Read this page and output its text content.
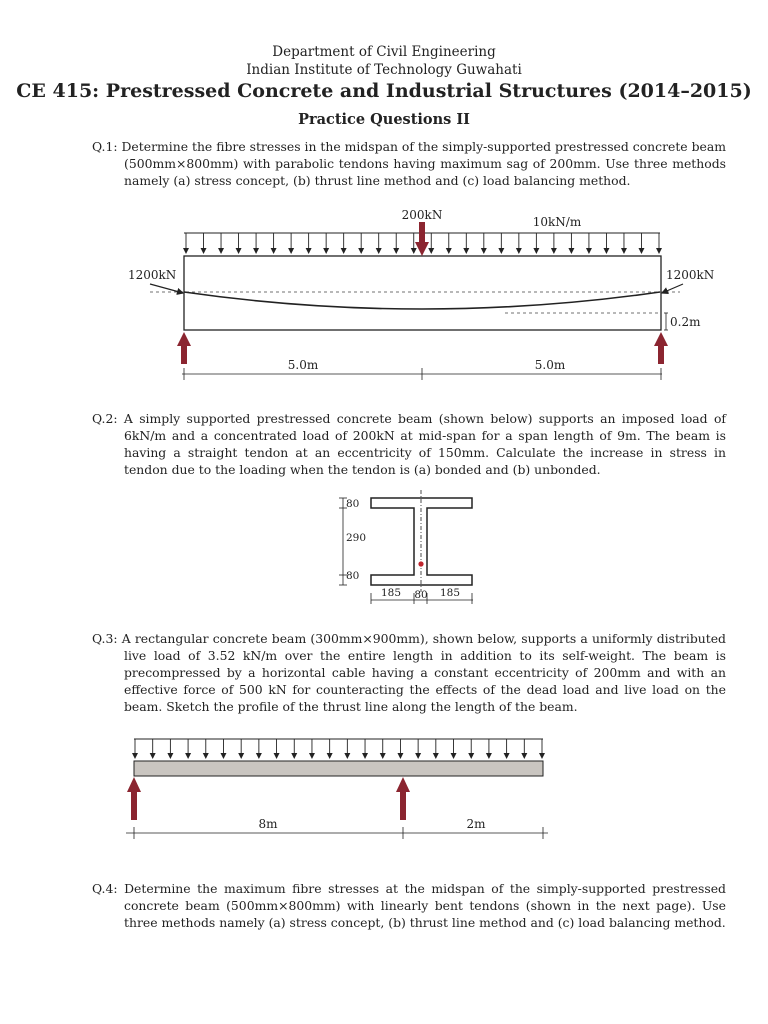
Department of Civil Engineering
Indian Institute of Technology Guwahati
CE 415: Prestressed Concrete and Industrial Structures (2014–2015)
Practice Questions II
Q.1: Determine the fibre stresses in the midspan of the simply-supported prestressed concrete beam (500mm×800mm) with parabolic tendons having maximum sag of 200mm. Use three methods namely (a) stress concept, (b) thrust line method and (c) load balancing method.
200kN	10kN/m
1200kN	1200kN
0.2m
5.0m	5.0m
Q.2: A simply supported prestressed concrete beam (shown below) supports an imposed load of 6kN/m and a concentrated load of 200kN at mid-span for a span length of 9m. The beam is having a straight tendon at an eccentricity of 150mm. Calculate the increase in stress in tendon due to the loading when the tendon is (a) bonded and (b) unbonded.
80
290
80
185 80 185
Q.3: A rectangular concrete beam (300mm×900mm), shown below, supports a uniformly distributed live load of 3.52 kN/m over the entire length in addition to its self-weight. The beam is precompressed by a horizontal cable having a constant eccentricity of 200mm and with an effective force of 500 kN for counteracting the effects of the dead load and live load on the beam. Sketch the profile of the thrust line along the length of the beam.
8m	2m
Q.4: Determine the maximum fibre stresses at the midspan of the simply-supported prestressed concrete beam (500mm×800mm) with linearly bent tendons (shown in the next page). Use three methods namely (a) stress concept, (b) thrust line method and (c) load balancing method.
